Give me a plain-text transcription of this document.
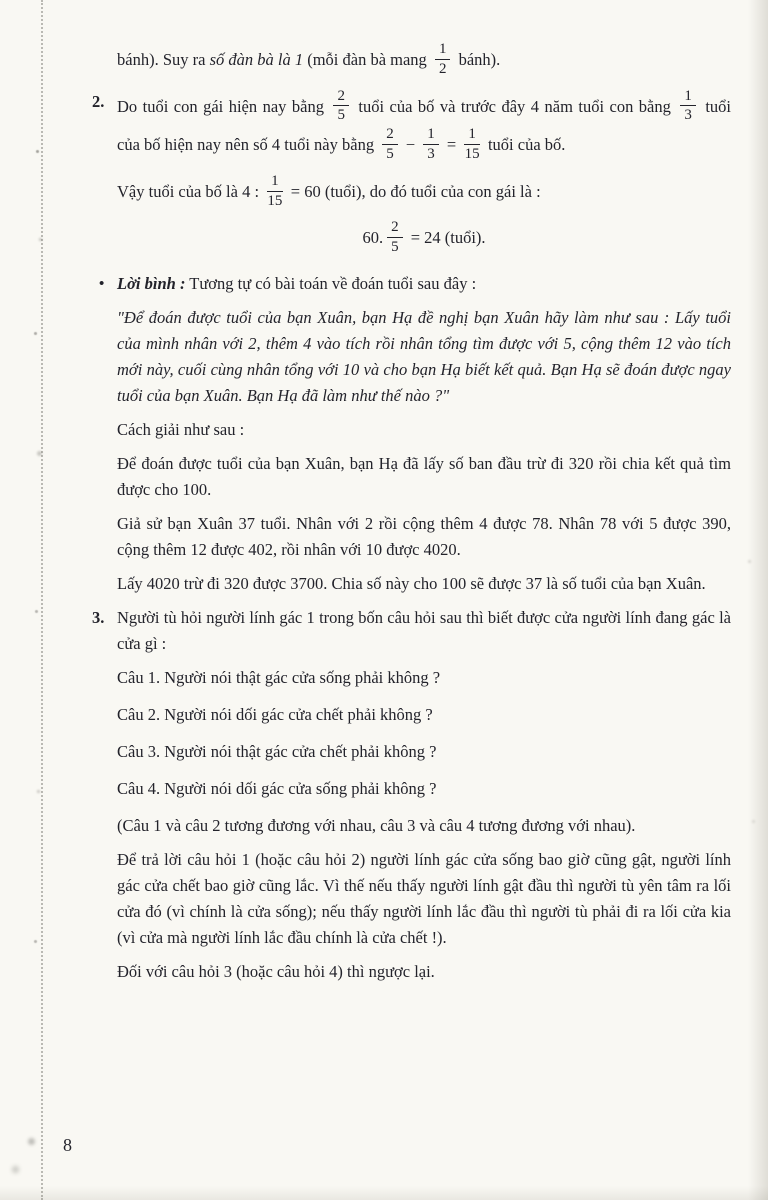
bánh). Suy ra số đàn bà là 1 (mỗi đàn bà mang $\frac{1}{2}$ bánh).

2. Do tuổi con gái hiện nay bằng $\frac{2}{5}$ tuổi của bố và trước đây 4 năm tuổi con bằng $\frac{1}{3}$ tuổi của bố hiện nay nên số 4 tuổi này bằng $\frac{2}{5} - \frac{1}{3} = \frac{1}{15}$ tuổi của bố.

Vậy tuổi của bố là 4 : $\frac{1}{15} = 60$ (tuổi), do đó tuổi của con gái là :

60. $\frac{2}{5} = 24$ (tuổi).

• Lời bình : Tương tự có bài toán về đoán tuổi sau đây :

"Để đoán được tuổi của bạn Xuân, bạn Hạ đề nghị bạn Xuân hãy làm như sau : Lấy tuổi của mình nhân với 2, thêm 4 vào tích rồi nhân tổng tìm được với 5, cộng thêm 12 vào tích mới này, cuối cùng nhân tổng với 10 và cho bạn Hạ biết kết quả. Bạn Hạ sẽ đoán được ngay tuổi của bạn Xuân. Bạn Hạ đã làm như thế nào ?"

Cách giải như sau :

Để đoán được tuổi của bạn Xuân, bạn Hạ đã lấy số ban đầu trừ đi 320 rồi chia kết quả tìm được cho 100.

Giả sử bạn Xuân 37 tuổi. Nhân với 2 rồi cộng thêm 4 được 78. Nhân 78 với 5 được 390, cộng thêm 12 được 402, rồi nhân với 10 được 4020.

Lấy 4020 trừ đi 320 được 3700. Chia số này cho 100 sẽ được 37 là số tuổi của bạn Xuân.

3. Người tù hỏi người lính gác 1 trong bốn câu hỏi sau thì biết được cửa người lính đang gác là cửa gì :

Câu 1. Người nói thật gác cửa sống phải không ?

Câu 2. Người nói dối gác cửa chết phải không ?

Câu 3. Người nói thật gác cửa chết phải không ?

Câu 4. Người nói dối gác cửa sống phải không ?

(Câu 1 và câu 2 tương đương với nhau, câu 3 và câu 4 tương đương với nhau).

Để trả lời câu hỏi 1 (hoặc câu hỏi 2) người lính gác cửa sống bao giờ cũng gật, người lính gác cửa chết bao giờ cũng lắc. Vì thế nếu thấy người lính gật đầu thì người tù yên tâm ra lối cửa đó (vì chính là cửa sống); nếu thấy người lính lắc đầu thì người tù phải đi ra lối cửa kia (vì cửa mà người lính lắc đầu chính là cửa chết !).

Đối với câu hỏi 3 (hoặc câu hỏi 4) thì ngược lại.

8
